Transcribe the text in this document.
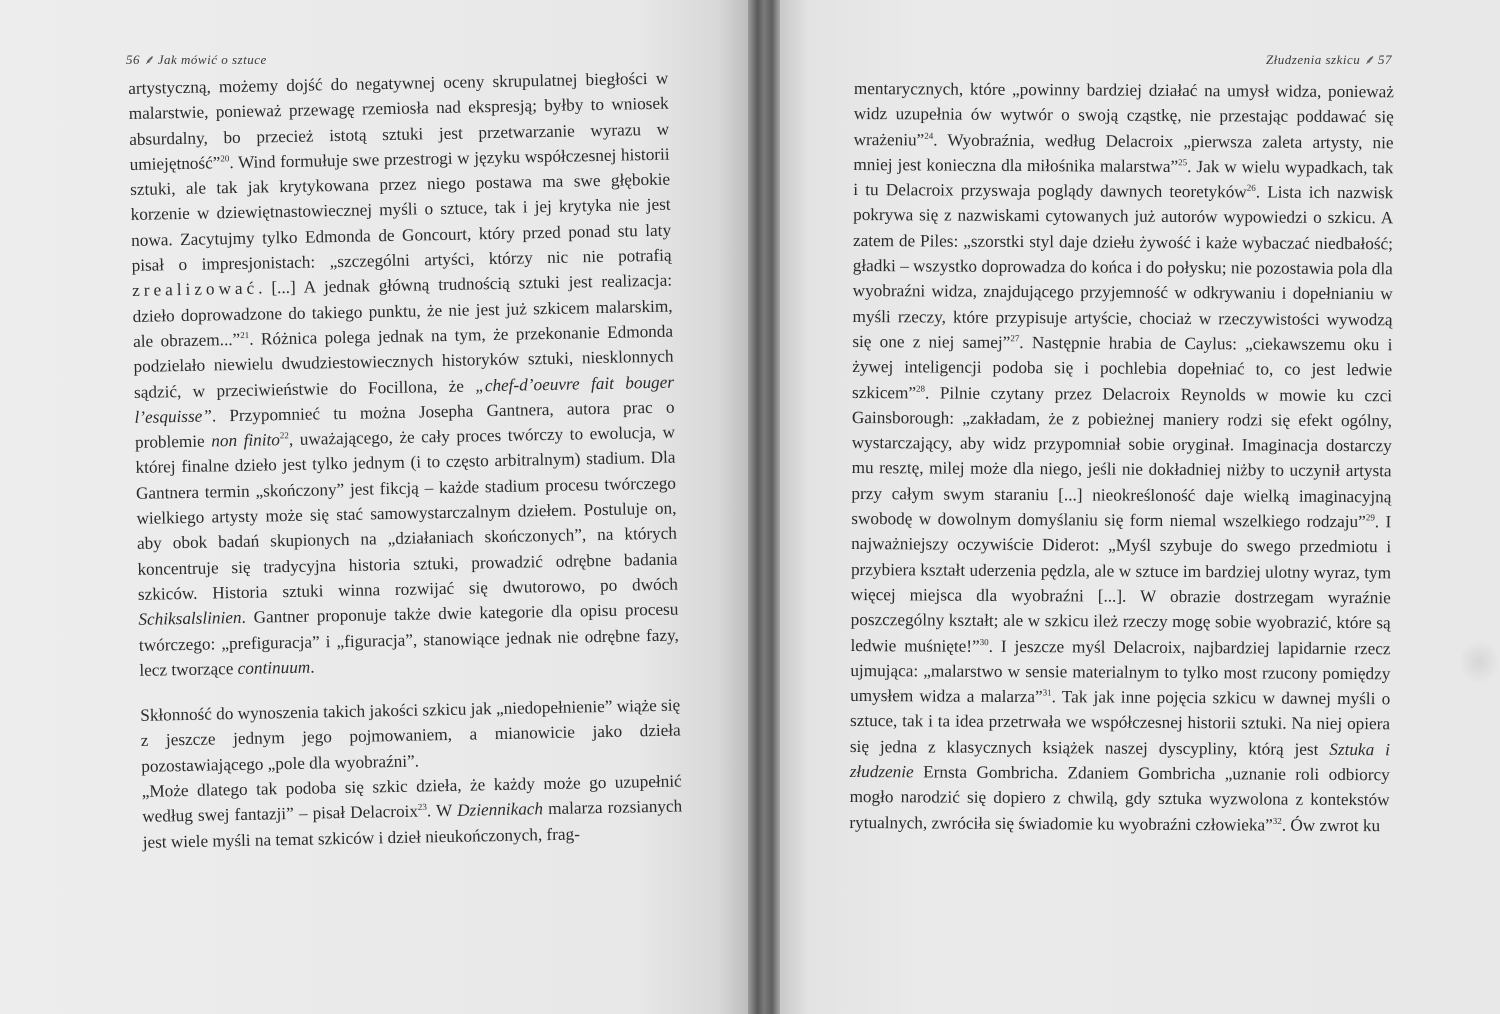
56 ⸙ Jak mówić o sztuce

artystyczną, możemy dojść do negatywnej oceny skrupulatnej biegłości w malarstwie, ponieważ przewagę rzemiosła nad ekspresją; byłby to wniosek absurdalny, bo przecież istotą sztuki jest przetwarzanie wyrazu w umiejętność”$^{20}$. Wind formułuje swe przestrogi w języku współczesnej historii sztuki, ale tak jak krytykowana przez niego postawa ma swe głębokie korzenie w dziewiętnastowiecznej myśli o sztuce, tak i jej krytyka nie jest nowa. Zacytujmy tylko Edmonda de Goncourt, który przed ponad stu laty pisał o impresjonistach: „szczególni artyści, którzy nic nie potrafią zrealizować. [...] A jednak główną trudnością sztuki jest realizacja: dzieło doprowadzone do takiego punktu, że nie jest już szkicem malarskim, ale obrazem...”$^{21}$. Różnica polega jednak na tym, że przekonanie Edmonda podzielało niewielu dwudziestowiecznych historyków sztuki, niesklonnych sądzić, w przeciwieństwie do Focillona, że „chef-d’oeuvre fait bouger l’esquisse”. Przypomnieć tu można Josepha Gantnera, autora prac o problemie non finito$^{22}$, uważającego, że cały proces twórczy to ewolucja, w której finalne dzieło jest tylko jednym (i to często arbitralnym) stadium. Dla Gantnera termin „skończony” jest fikcją – każde stadium procesu twórczego wielkiego artysty może się stać samowystarczalnym dziełem. Postuluje on, aby obok badań skupionych na „działaniach skończonych”, na których koncentruje się tradycyjna historia sztuki, prowadzić odrębne badania szkiców. Historia sztuki winna rozwijać się dwutorowo, po dwóch Schiksalslinien. Gantner proponuje także dwie kategorie dla opisu procesu twórczego: „prefiguracja” i „figuracja”, stanowiące jednak nie odrębne fazy, lecz tworzące continuum.

Skłonność do wynoszenia takich jakości szkicu jak „niedopełnienie” wiąże się z jeszcze jednym jego pojmowaniem, a mianowicie jako dzieła pozostawiającego „pole dla wyobraźni”.

„Może dlatego tak podoba się szkic dzieła, że każdy może go uzupełnić według swej fantazji” – pisał Delacroix$^{23}$. W Dziennikach malarza rozsianych jest wiele myśli na temat szkiców i dzieł nieukończonych, frag-

Złudzenia szkicu ⸙ 57

mentarycznych, które „powinny bardziej działać na umysł widza, ponieważ widz uzupełnia ów wytwór o swoją cząstkę, nie przestając poddawać się wrażeniu”$^{24}$. Wyobraźnia, według Delacroix „pierwsza zaleta artysty, nie mniej jest konieczna dla miłośnika malarstwa”$^{25}$. Jak w wielu wypadkach, tak i tu Delacroix przyswaja poglądy dawnych teoretyków$^{26}$. Lista ich nazwisk pokrywa się z nazwiskami cytowanych już autorów wypowiedzi o szkicu. A zatem de Piles: „szorstki styl daje dziełu żywość i każe wybaczać niedbałość; gładki – wszystko doprowadza do końca i do połysku; nie pozostawia pola dla wyobraźni widza, znajdującego przyjemność w odkrywaniu i dopełnianiu w myśli rzeczy, które przypisuje artyście, chociaż w rzeczywistości wywodzą się one z niej samej”$^{27}$. Następnie hrabia de Caylus: „ciekawszemu oku i żywej inteligencji podoba się i pochlebia dopełniać to, co jest ledwie szkicem”$^{28}$. Pilnie czytany przez Delacroix Reynolds w mowie ku czci Gainsborough: „zakładam, że z pobieżnej maniery rodzi się efekt ogólny, wystarczający, aby widz przypomniał sobie oryginał. Imaginacja dostarczy mu resztę, milej może dla niego, jeśli nie dokładniej niżby to uczynił artysta przy całym swym staraniu [...] nieokreśloność daje wielką imaginacyjną swobodę w dowolnym domyślaniu się form niemal wszelkiego rodzaju”$^{29}$. I najważniejszy oczywiście Diderot: „Myśl szybuje do swego przedmiotu i przybiera kształt uderzenia pędzla, ale w sztuce im bardziej ulotny wyraz, tym więcej miejsca dla wyobraźni [...]. W obrazie dostrzegam wyraźnie poszczególny kształt; ale w szkicu ileż rzeczy mogę sobie wyobrazić, które są ledwie muśnięte!”$^{30}$. I jeszcze myśl Delacroix, najbardziej lapidarnie rzecz ujmująca: „malarstwo w sensie materialnym to tylko most rzucony pomiędzy umysłem widza a malarza”$^{31}$. Tak jak inne pojęcia szkicu w dawnej myśli o sztuce, tak i ta idea przetrwała we współczesnej historii sztuki. Na niej opiera się jedna z klasycznych książek naszej dyscypliny, którą jest Sztuka i złudzenie Ernsta Gombricha. Zdaniem Gombricha „uznanie roli odbiorcy mogło narodzić się dopiero z chwilą, gdy sztuka wyzwolona z kontekstów rytualnych, zwróciła się świadomie ku wyobraźni człowieka”$^{32}$. Ów zwrot ku
